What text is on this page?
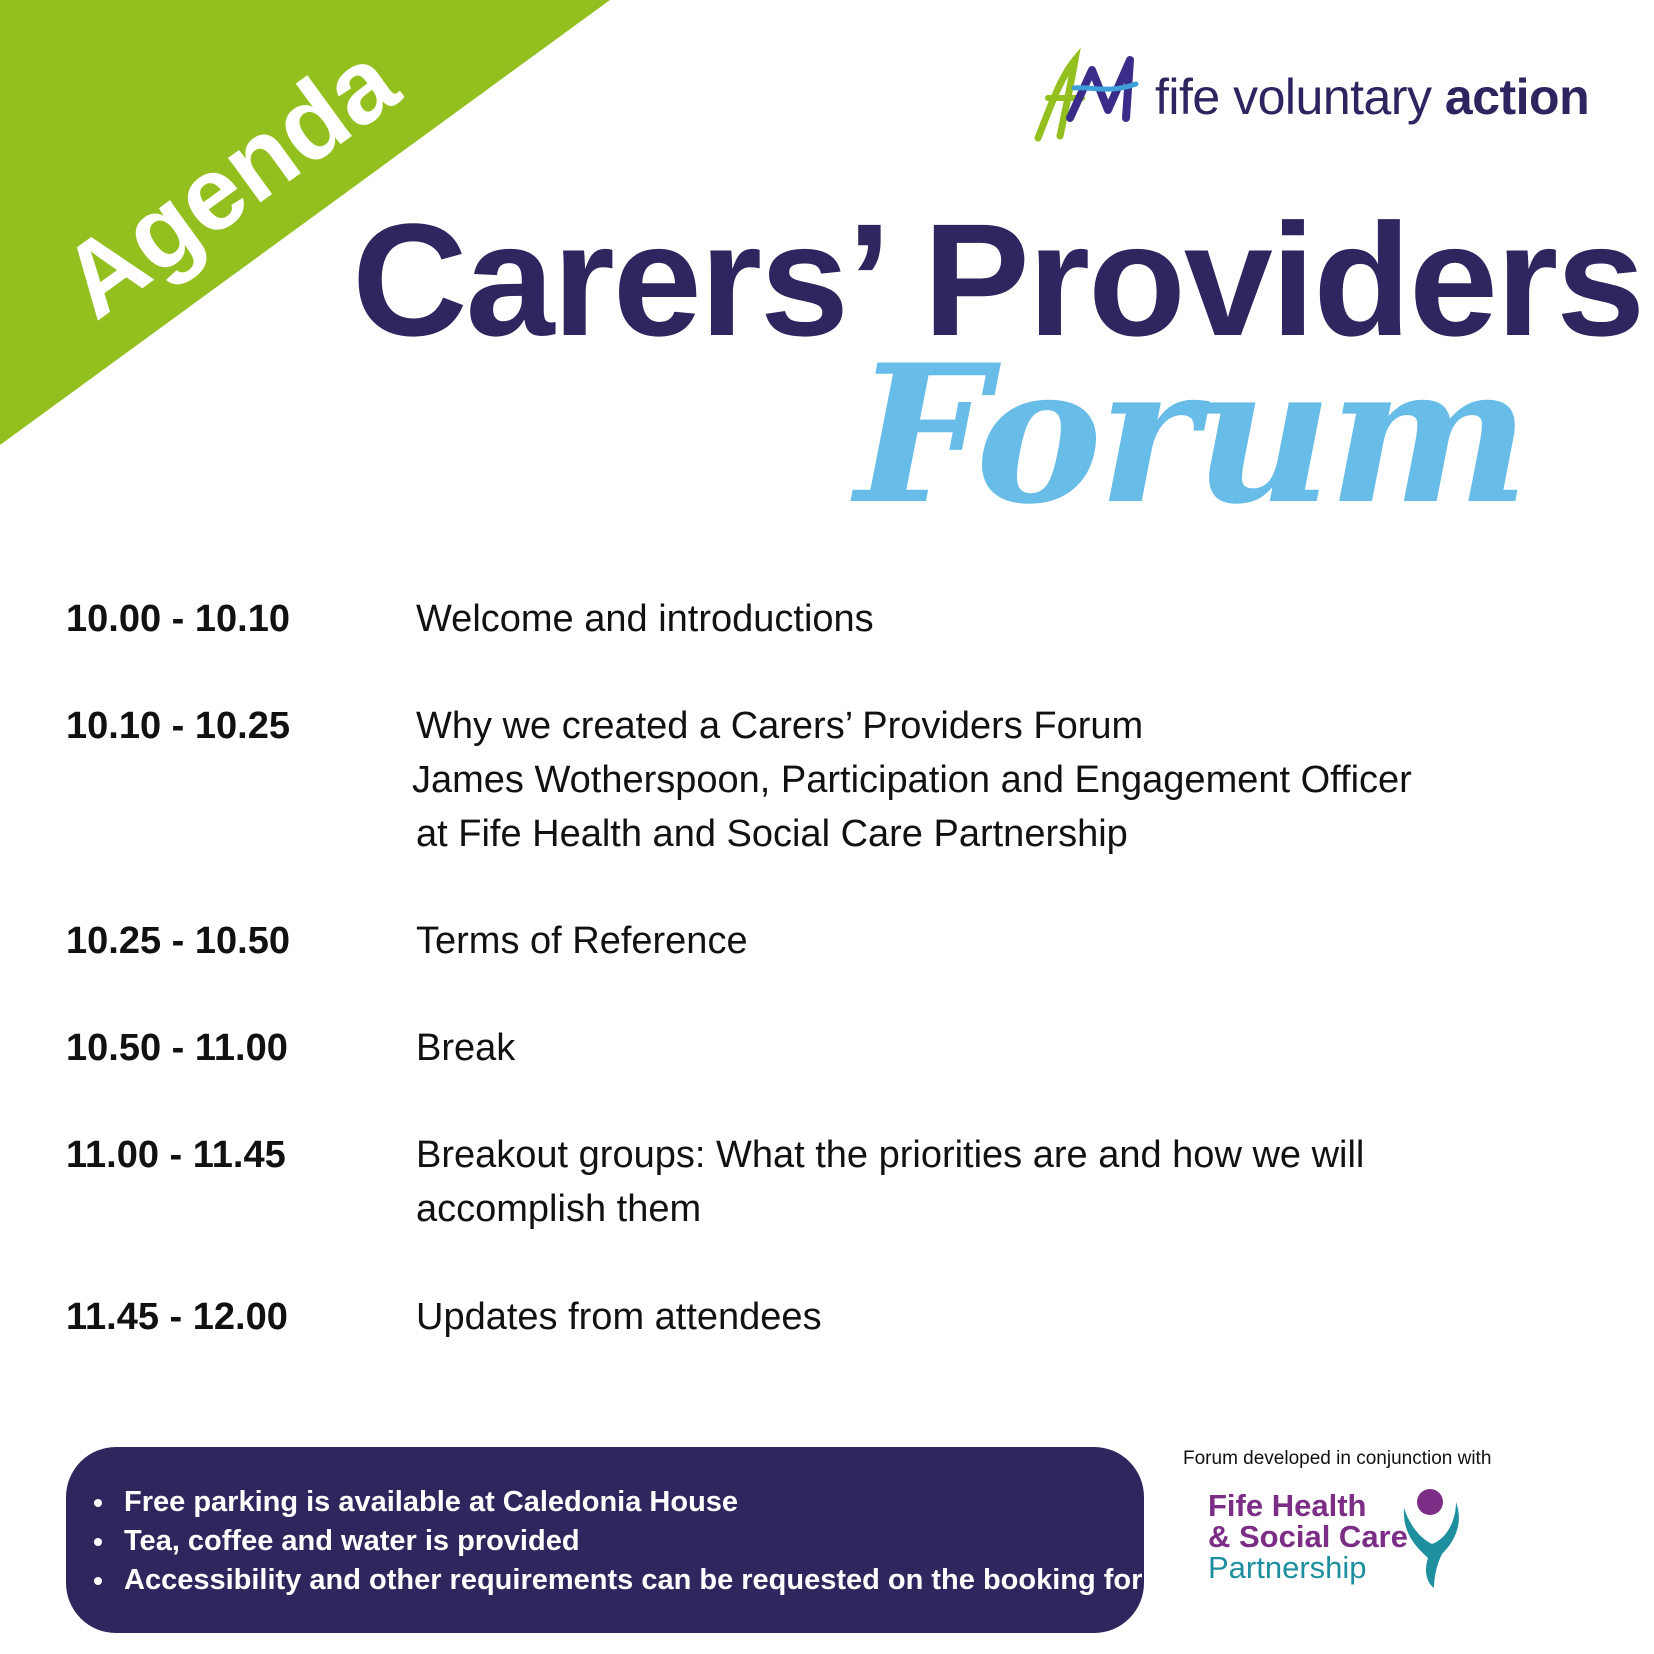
Agenda	fife voluntary action
Carers’ Providers
Forum
10.00 - 10.10	Welcome and introductions
10.10 - 10.25	Why we created a Carers’ Providers Forum
James Wotherspoon, Participation and Engagement Officer
at Fife Health and Social Care Partnership
10.25 - 10.50	Terms of Reference
10.50 - 11.00	Break
11.00 - 11.45	Breakout groups: What the priorities are and how we will
accomplish them
11.45 - 12.00	Updates from attendees
Free parking is available at Caledonia House
Tea, coffee and water is provided
Accessibility and other requirements can be requested on the booking form
Forum developed in conjunction with
Fife Health
& Social Care
Partnership
